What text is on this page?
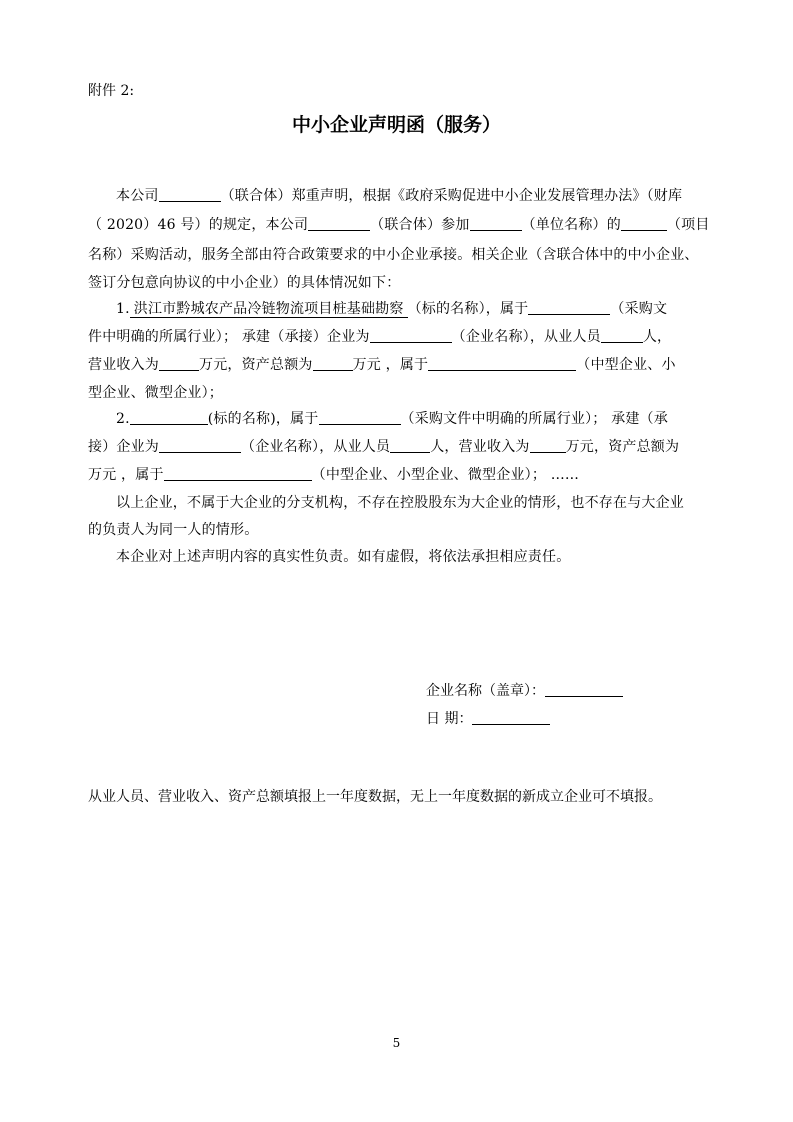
附件 2:
中小企业声明函（服务）
本公司	（联合体）郑重声明，根据《政府采购促进中小企业发展管理办法》（财库
（ 2020）46 号）的规定，本公司	（联合体）参加	（单位名称）的	（项目
名称）采购活动，服务全部由符合政策要求的中小企业承接。相关企业（含联合体中的中小企业、
签订分包意向协议的中小企业）的具体情况如下：
1. 洪江市黔城农产品冷链物流项目桩基础勘察 （标的名称），属于	（采购文
件中明确的所属行业）； 承建（承接）企业为	（企业名称），从业人员	人，
营业收入为	万元，资产总额为	万元 ，属于	（中型企业、小
型企业、微型企业）；
2.	(标的名称)，属于	（采购文件中明确的所属行业）； 承建（承
接）企业为	（企业名称），从业人员	人，营业收入为	万元，资产总额为
万元 ，属于	（中型企业、小型企业、微型企业）； ……
以上企业，不属于大企业的分支机构，不存在控股股东为大企业的情形，也不存在与大企业
的负责人为同一人的情形。
本企业对上述声明内容的真实性负责。如有虚假，将依法承担相应责任。
企业名称（盖章）：
日 期：
从业人员、营业收入、资产总额填报上一年度数据，无上一年度数据的新成立企业可不填报。
5
